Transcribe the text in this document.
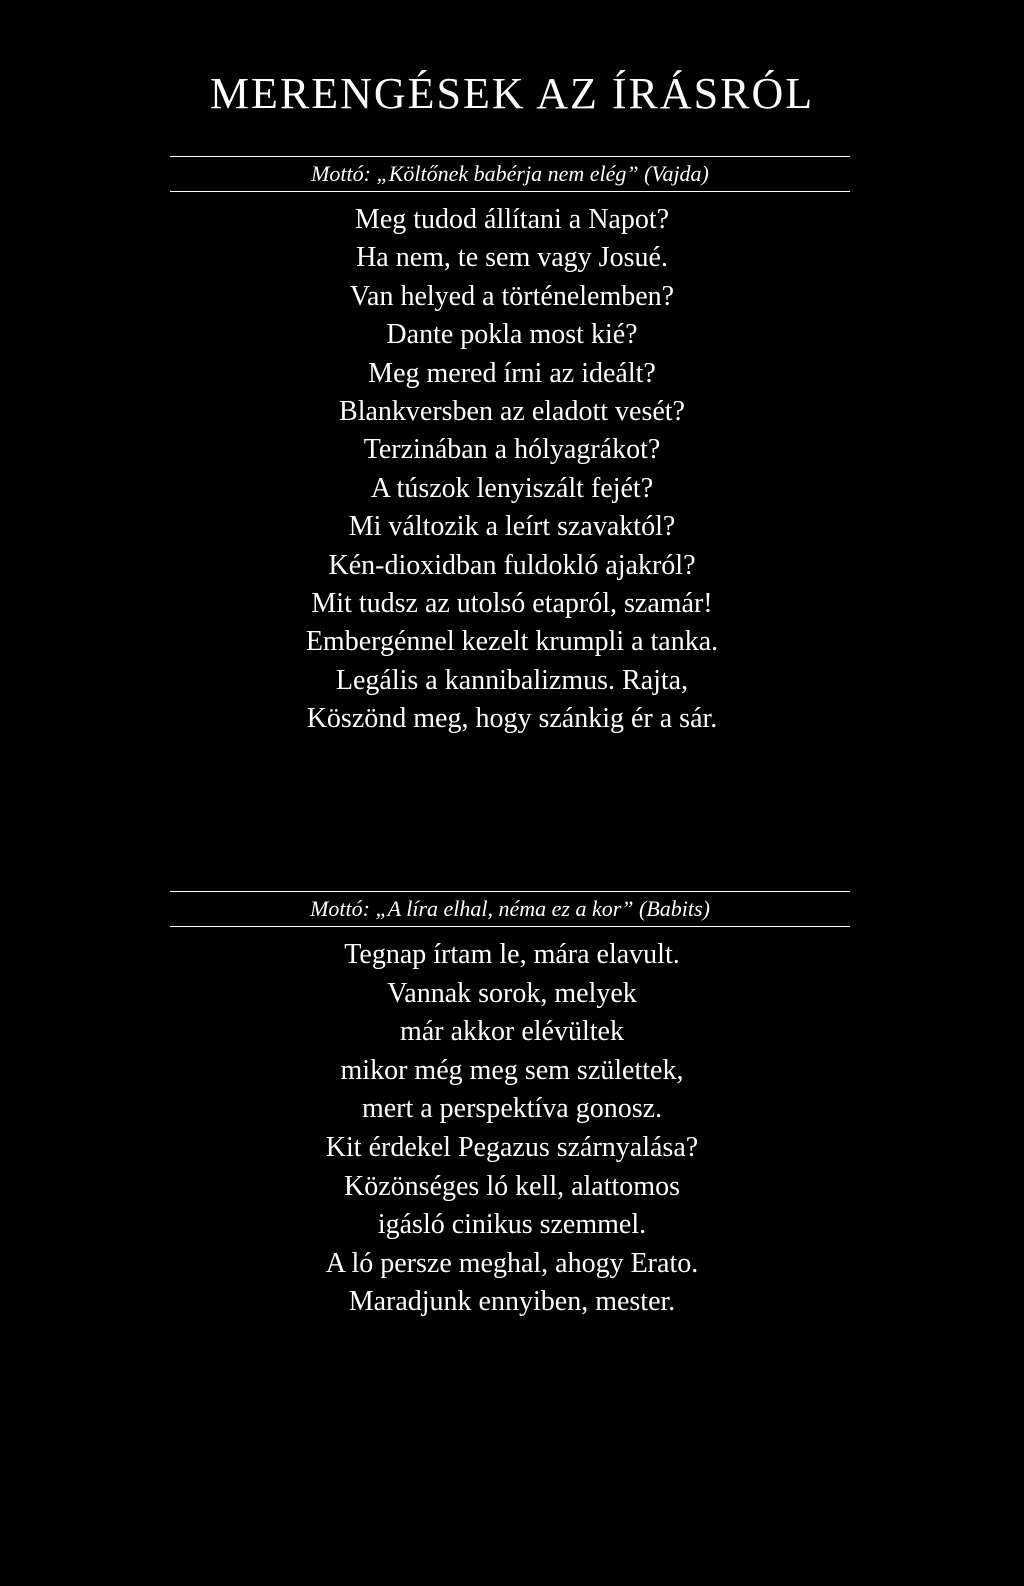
MERENGÉSEK AZ ÍRÁSRÓL
Mottó: „Költőnek babérja nem elég” (Vajda)
Meg tudod állítani a Napot?
Ha nem, te sem vagy Josué.
Van helyed a történelemben?
Dante pokla most kié?
Meg mered írni az ideált?
Blankversben az eladott vesét?
Terzinában a hólyagrákot?
A túszok lenyiszált fejét?
Mi változik a leírt szavaktól?
Kén-dioxidban fuldokló ajakról?
Mit tudsz az utolsó etapról, szamár!
Embergénnel kezelt krumpli a tanka.
Legális a kannibalizmus. Rajta,
Köszönd meg, hogy szánkig ér a sár.
Mottó: „A líra elhal, néma ez a kor” (Babits)
Tegnap írtam le, mára elavult.
Vannak sorok, melyek
már akkor elévültek
mikor még meg sem születtek,
mert a perspektíva gonosz.
Kit érdekel Pegazus szárnyalása?
Közönséges ló kell, alattomos
igásló cinikus szemmel.
A ló persze meghal, ahogy Erato.
Maradjunk ennyiben, mester.
